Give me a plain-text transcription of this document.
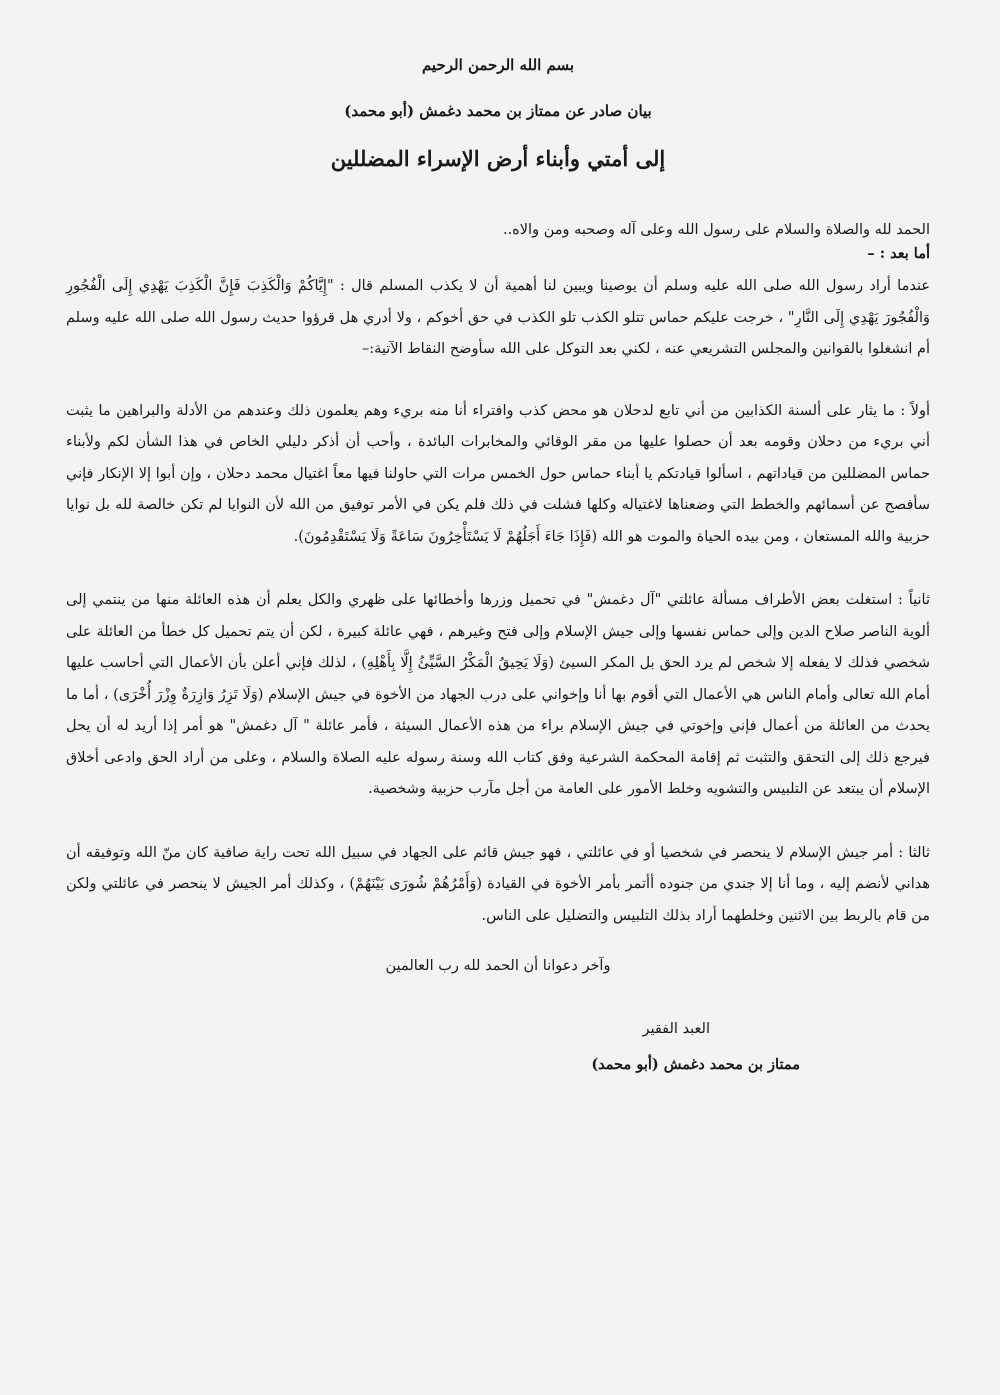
بسم الله الرحمن الرحيم

بيان صادر عن ممتاز بن محمد دغمش (أبو محمد)

إلى أمتي وأبناء أرض الإسراء المضللين

الحمد لله والصلاة والسلام على رسول الله وعلى آله وصحبه ومن والاه..

أما بعد : –

عندما أراد رسول الله صلى الله عليه وسلم أن يوصينا ويبين لنا أهمية أن لا يكذب المسلم قال : "إِيَّاكُمْ وَالْكَذِبَ فَإِنَّ الْكَذِبَ يَهْدِي إِلَى الْفُجُورِ وَالْفُجُورَ يَهْدِي إِلَى النَّارِ" ، خرجت عليكم حماس تتلو الكذب تلو الكذب في حق أخوكم ، ولا أدري هل قرؤوا حديث رسول الله صلى الله عليه وسلم أم انشغلوا بالقوانين والمجلس التشريعي عنه ، لكني بعد التوكل على الله سأوضح النقاط الآتية:–

أولاً : ما يثار على ألسنة الكذابين من أني تابع لدحلان هو محض كذب وافتراء أنا منه بريء وهم يعلمون ذلك وعندهم من الأدلة والبراهين ما يثبت أني بريء من دحلان وقومه بعد أن حصلوا عليها من مقر الوقائي والمخابرات البائدة ، وأحب أن أذكر دليلي الخاص في هذا الشأن لكم ولأبناء حماس المضللين من قياداتهم ، اسألوا قيادتكم يا أبناء حماس حول الخمس مرات التي حاولنا فيها معاً اغتيال محمد دحلان ، وإن أبوا إلا الإنكار فإني سأفصح عن أسمائهم والخطط التي وضعناها لاغتياله وكلها فشلت في ذلك فلم يكن في الأمر توفيق من الله لأن النوايا لم تكن خالصة لله بل نوايا حزبية والله المستعان ، ومن بيده الحياة والموت هو الله (فَإِذَا جَاءَ أَجَلُهُمْ لَا يَسْتَأْخِرُونَ سَاعَةً وَلَا يَسْتَقْدِمُونَ).

ثانياً : استغلت بعض الأطراف مسألة عائلتي "آل دغمش" في تحميل وزرها وأخطائها على ظهري والكل يعلم أن هذه العائلة منها من ينتمي إلى ألوية الناصر صلاح الدين وإلى حماس نفسها وإلى جيش الإسلام وإلى فتح وغيرهم ، فهي عائلة كبيرة ، لكن أن يتم تحميل كل خطأ من العائلة على شخصي فذلك لا يفعله إلا شخص لم يرد الحق بل المكر السيئ (وَلَا يَحِيقُ الْمَكْرُ السَّيِّئُ إِلَّا بِأَهْلِهِ) ، لذلك فإني أعلن بأن الأعمال التي أحاسب عليها أمام الله تعالى وأمام الناس هي الأعمال التي أقوم بها أنا وإخواني على درب الجهاد من الأخوة في جيش الإسلام (وَلَا تَزِرُ وَازِرَةٌ وِزْرَ أُخْرَى) ، أما ما يحدث من العائلة من أعمال فإني وإخوتي في جيش الإسلام براء من هذه الأعمال السيئة ، فأمر عائلة " آل دغمش" هو أمر إذا أريد له أن يحل فيرجع ذلك إلى التحقق والتثبت ثم إقامة المحكمة الشرعية وفق كتاب الله وسنة رسوله عليه الصلاة والسلام ، وعلى من أراد الحق وادعى أخلاق الإسلام أن يبتعد عن التلبيس والتشويه وخلط الأمور على العامة من أجل مآرب حزبية وشخصية.

ثالثا : أمر جيش الإسلام لا ينحصر في شخصيا أو في عائلتي ، فهو جيش قائم على الجهاد في سبيل الله تحت راية صافية كان منّ الله وتوفيقه أن هداني لأنضم إليه ، وما أنا إلا جندي من جنوده أأتمر بأمر الأخوة في القيادة (وَأَمْرُهُمْ شُورَى بَيْنَهُمْ) ، وكذلك أمر الجيش لا ينحصر في عائلتي ولكن من قام بالربط بين الاثنين وخلطهما أراد بذلك التلبيس والتضليل على الناس.

وآخر دعوانا أن الحمد لله رب العالمين

العبد الفقير
ممتاز بن محمد دغمش (أبو محمد)
